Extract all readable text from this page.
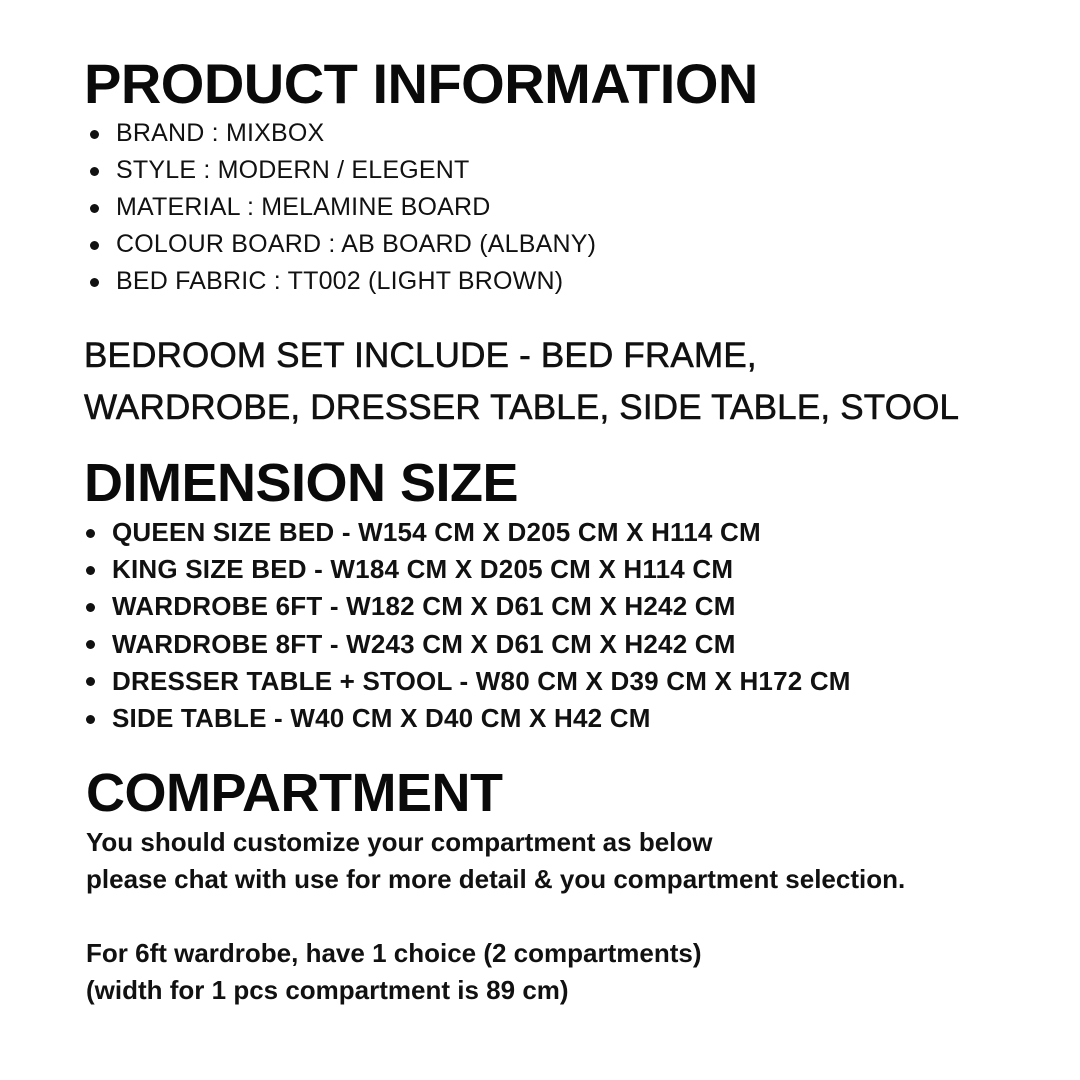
PRODUCT INFORMATION
BRAND : MIXBOX
STYLE : MODERN / ELEGENT
MATERIAL : MELAMINE BOARD
COLOUR BOARD : AB BOARD (ALBANY)
BED FABRIC : TT002 (LIGHT BROWN)

BEDROOM SET INCLUDE - BED FRAME,
WARDROBE, DRESSER TABLE, SIDE TABLE, STOOL

DIMENSION SIZE
QUEEN SIZE BED - W154 CM X D205 CM X H114 CM
KING SIZE BED - W184 CM X D205 CM X H114 CM
WARDROBE 6FT - W182 CM X D61 CM X H242 CM
WARDROBE 8FT - W243 CM X D61 CM X H242 CM
DRESSER TABLE + STOOL - W80 CM X D39 CM X H172 CM
SIDE TABLE - W40 CM X D40 CM X H42 CM
COMPARTMENT

You should customize your compartment as below
please chat with use for more detail & you compartment selection.

For 6ft wardrobe, have 1 choice (2 compartments)
(width for 1 pcs compartment is 89 cm)
